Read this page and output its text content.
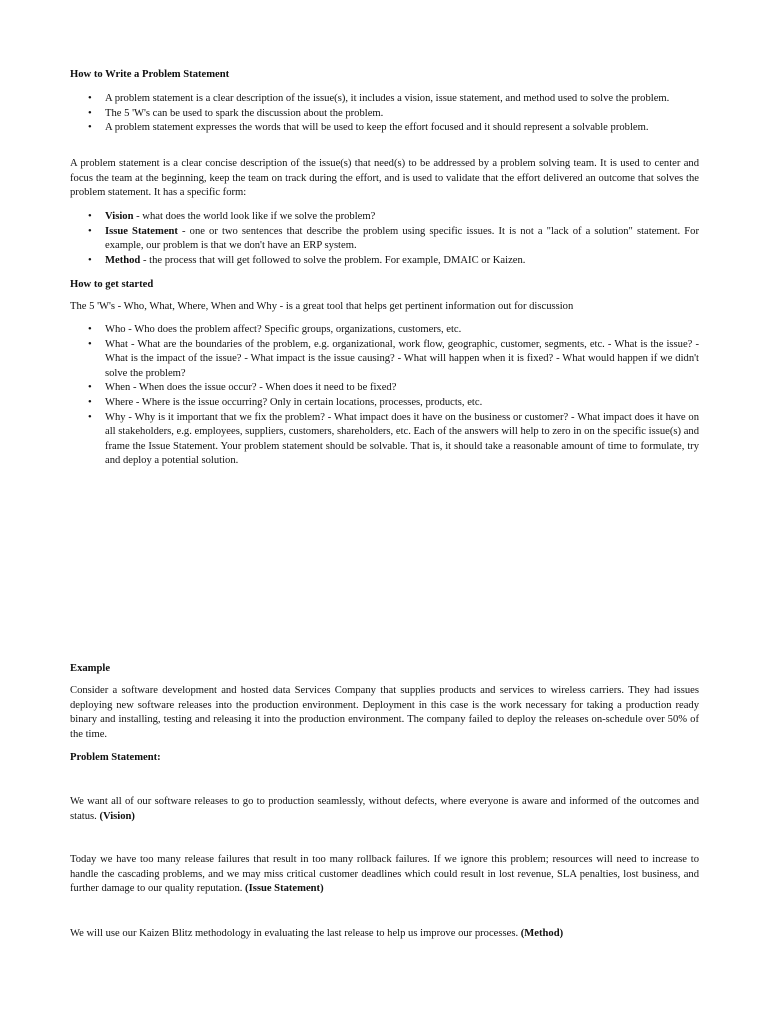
How to Write a Problem Statement
• A problem statement is a clear description of the issue(s), it includes a vision, issue statement, and method used to solve the problem.
• The 5 'W's can be used to spark the discussion about the problem.
• A problem statement expresses the words that will be used to keep the effort focused and it should represent a solvable problem.

A problem statement is a clear concise description of the issue(s) that need(s) to be addressed by a problem solving team. It is used to center and focus the team at the beginning, keep the team on track during the effort, and is used to validate that the effort delivered an outcome that solves the problem statement. It has a specific form:

• Vision - what does the world look like if we solve the problem?
• Issue Statement - one or two sentences that describe the problem using specific issues. It is not a "lack of a solution" statement. For example, our problem is that we don't have an ERP system.
• Method - the process that will get followed to solve the problem. For example, DMAIC or Kaizen.
How to get started

The 5 'W's - Who, What, Where, When and Why - is a great tool that helps get pertinent information out for discussion

• Who - Who does the problem affect? Specific groups, organizations, customers, etc.
• What - What are the boundaries of the problem, e.g. organizational, work flow, geographic, customer, segments, etc. - What is the issue? - What is the impact of the issue? - What impact is the issue causing? - What will happen when it is fixed? - What would happen if we didn't solve the problem?
• When - When does the issue occur? - When does it need to be fixed?
• Where - Where is the issue occurring? Only in certain locations, processes, products, etc.
• Why - Why is it important that we fix the problem? - What impact does it have on the business or customer? - What impact does it have on all stakeholders, e.g. employees, suppliers, customers, shareholders, etc. Each of the answers will help to zero in on the specific issue(s) and frame the Issue Statement. Your problem statement should be solvable. That is, it should take a reasonable amount of time to formulate, try and deploy a potential solution.
Example

Consider a software development and hosted data Services Company that supplies products and services to wireless carriers. They had issues deploying new software releases into the production environment. Deployment in this case is the work necessary for taking a production ready binary and installing, testing and releasing it into the production environment. The company failed to deploy the releases on-schedule over 50% of the time.

Problem Statement:

We want all of our software releases to go to production seamlessly, without defects, where everyone is aware and informed of the outcomes and status. (Vision)

Today we have too many release failures that result in too many rollback failures. If we ignore this problem; resources will need to increase to handle the cascading problems, and we may miss critical customer deadlines which could result in lost revenue, SLA penalties, lost business, and further damage to our quality reputation. (Issue Statement)

We will use our Kaizen Blitz methodology in evaluating the last release to help us improve our processes. (Method)
